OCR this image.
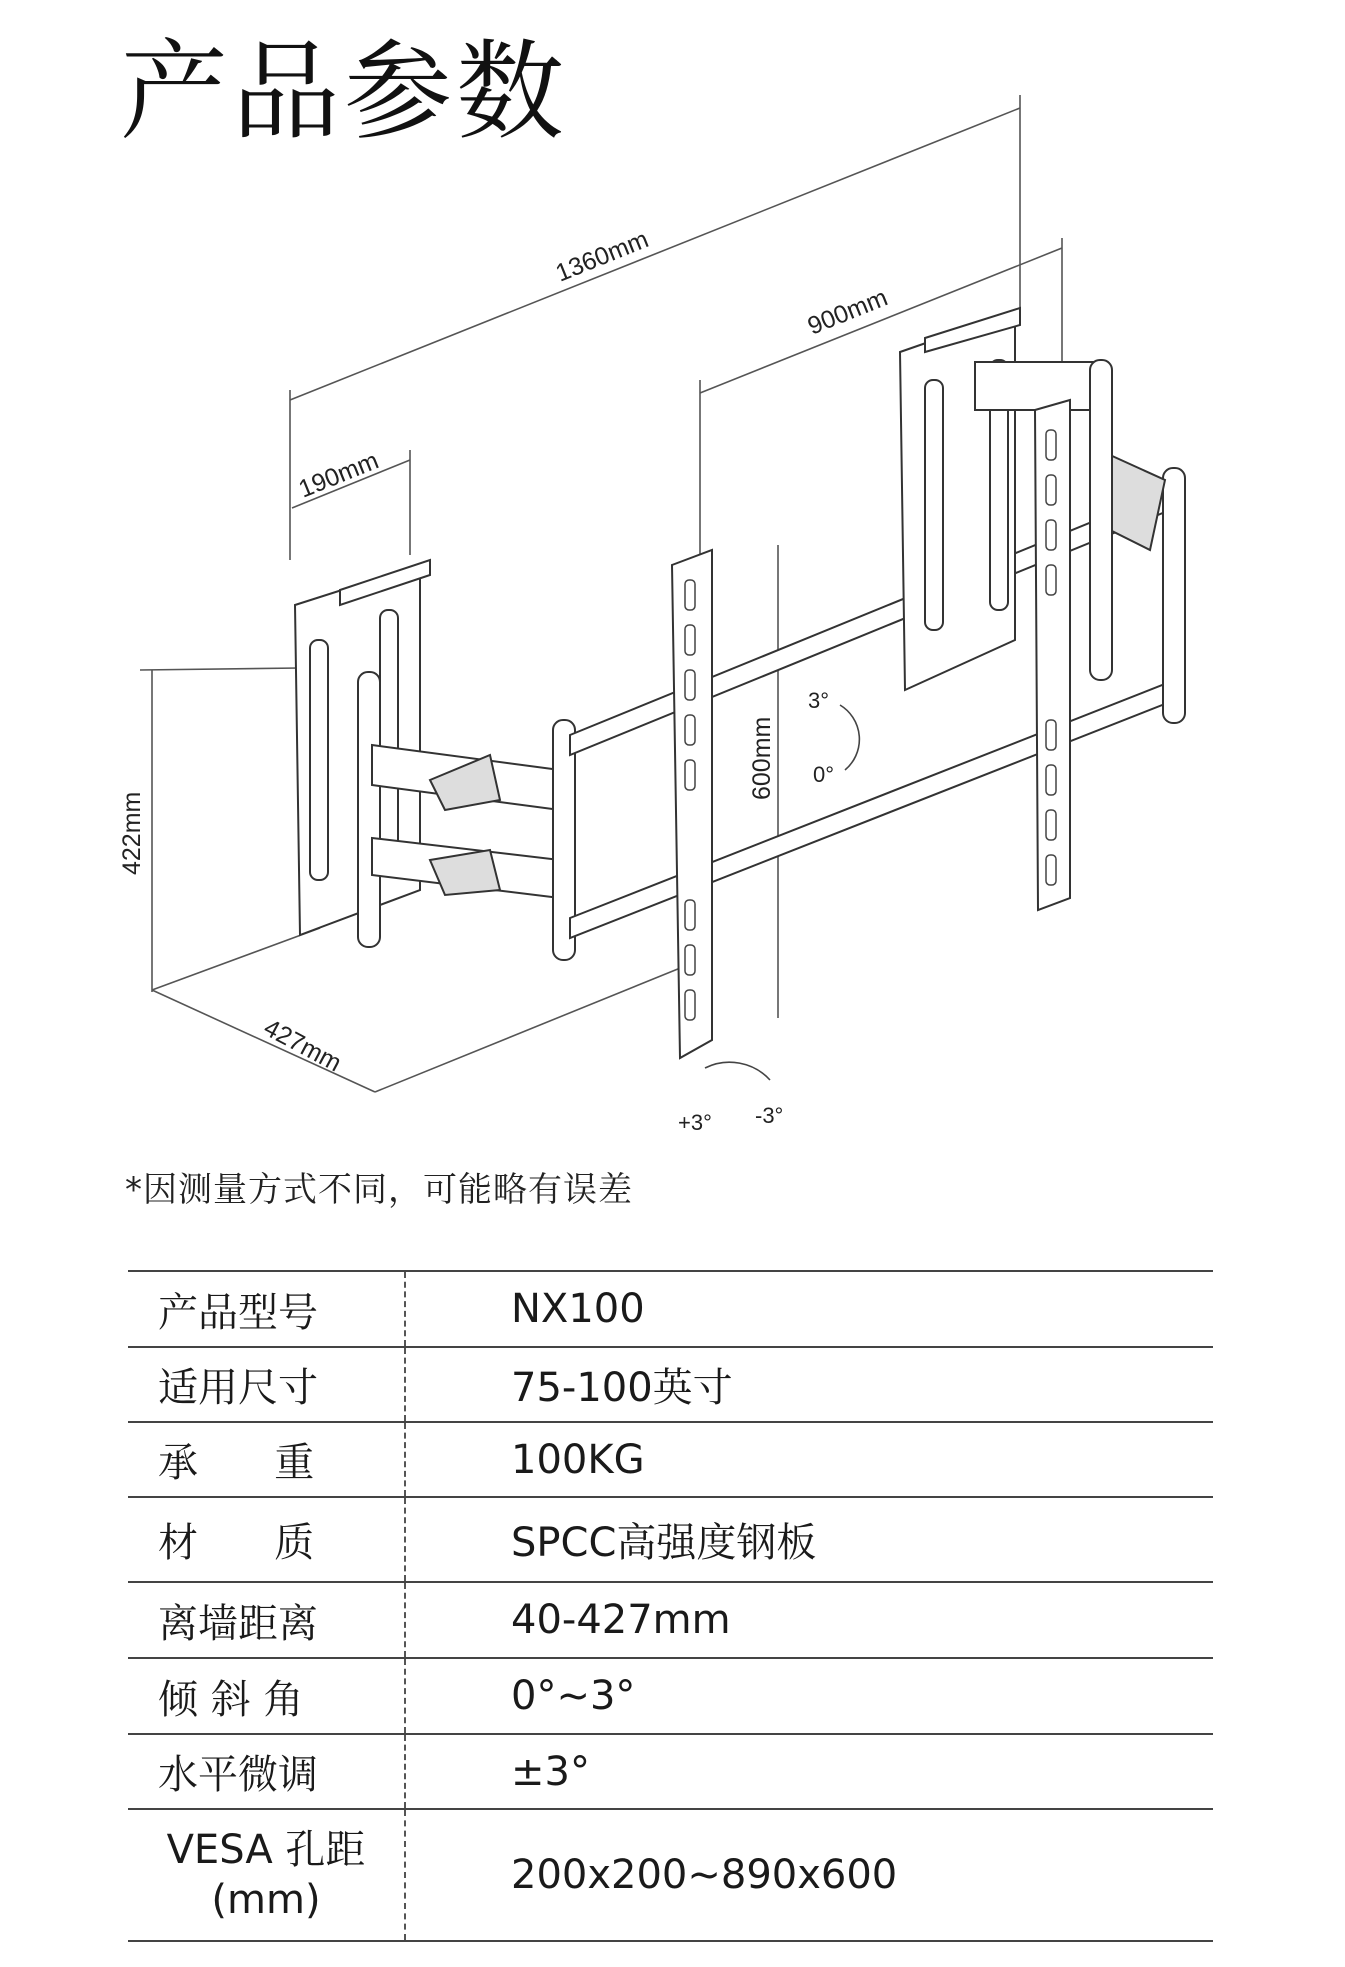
产品参数
1360mm
900mm
190mm
422mm
427mm
600mm
3°
0°
+3° -3°
*因测量方式不同，可能略有误差
产品型号	NX100
适用尺寸	75-100英寸
承      重	100KG
材      质	SPCC高强度钢板
离墙距离	40-427mm
倾 斜 角	0°~3°
水平微调	±3°

VESA 孔距
(mm)	200x200~890x600
